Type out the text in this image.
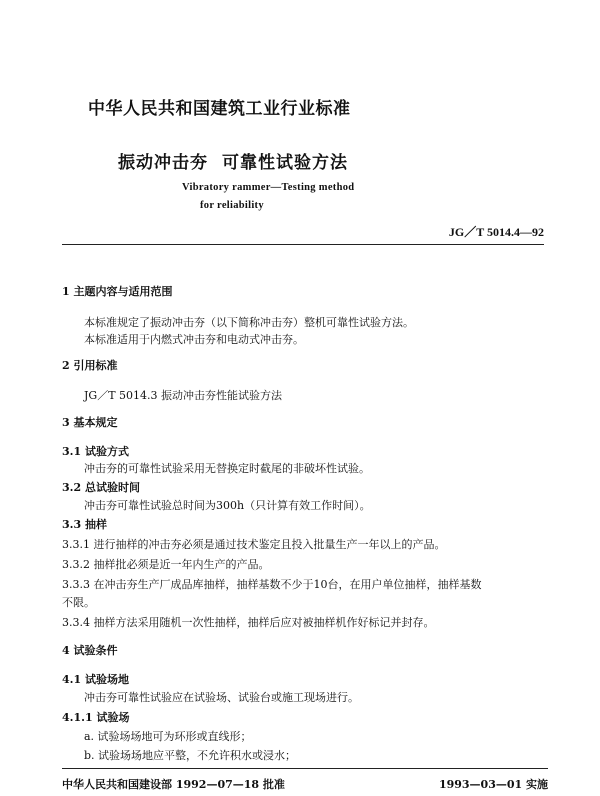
中华人民共和国建筑工业行业标准
振动冲击夯 可靠性试验方法
Vibratory rammer—Testing method
for reliability
JG／T 5014.4—92
1 主题内容与适用范围
本标准规定了振动冲击夯（以下简称冲击夯）整机可靠性试验方法。
本标准适用于内燃式冲击夯和电动式冲击夯。
2 引用标准
JG／T 5014.3 振动冲击夯性能试验方法
3 基本规定
3.1 试验方式
冲击夯的可靠性试验采用无替换定时截尾的非破坏性试验。
3.2 总试验时间
冲击夯可靠性试验总时间为300h（只计算有效工作时间）。
3.3 抽样
3.3.1 进行抽样的冲击夯必须是通过技术鉴定且投入批量生产一年以上的产品。
3.3.2 抽样批必须是近一年内生产的产品。
3.3.3 在冲击夯生产厂成品库抽样，抽样基数不少于10台，在用户单位抽样，抽样基数
不限。
3.3.4 抽样方法采用随机一次性抽样，抽样后应对被抽样机作好标记并封存。
4 试验条件
4.1 试验场地
冲击夯可靠性试验应在试验场、试验台或施工现场进行。
4.1.1 试验场
a. 试验场场地可为环形或直线形；
b. 试验场场地应平整，不允许积水或浸水；
中华人民共和国建设部 1992—07—18 批准	1993—03—01 实施
